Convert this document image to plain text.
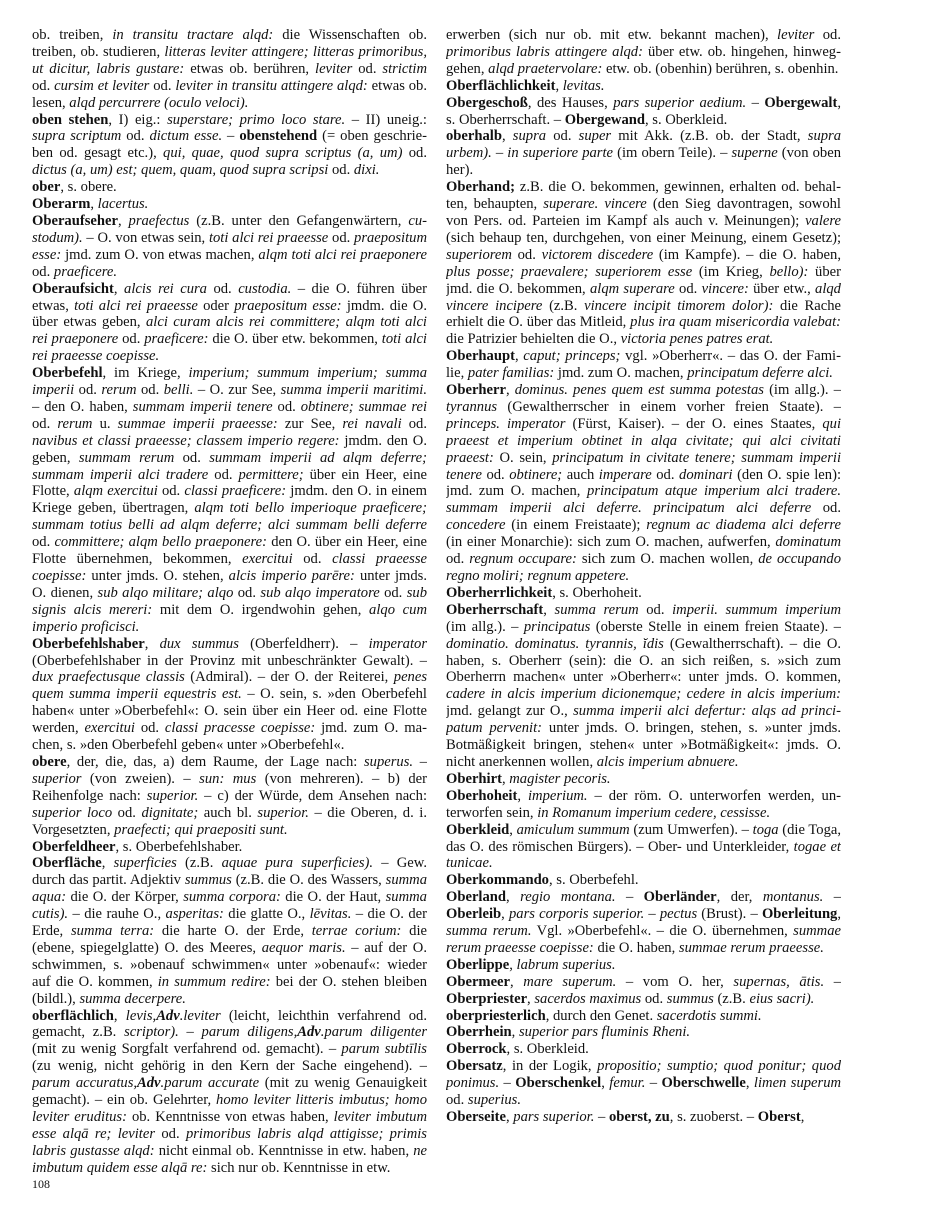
ob. treiben, in transitu tractare alqd: die Wissenschaften ob. treiben, ob. studieren, litteras leviter attingere; litteras primoribus, ut dicitur, labris gustare: etwas ob. berühren, leviter od. strictim od. cursim et leviter od. leviter in transitu attingere alqd: etwas ob. lesen, alqd percurrere (oculo veloci).

oben stehen, I) eig.: superstare; primo loco stare. – II) uneig.: supra scriptum od. dictum esse. – obenstehend (= oben geschrieben od. gesagt etc.), qui, quae, quod supra scriptus (a, um) od. dictus (a, um) est; quem, quam, quod supra scripsi od. dixi.

ober, s. obere.

Oberarm, lacertus.

Oberaufseher, praefectus (z.B. unter den Gefangenwärtern, custodum). – O. von etwas sein, toti alci rei praeesse od. praepositum esse: jmd. zum O. von etwas machen, alqm toti alci rei praeponere od. praeficere.

Oberaufsicht, alcis rei cura od. custodia. – die O. führen über etwas, toti alci rei praeesse oder praepositum esse: jmdm. die O. über etwas geben, alci curam alcis rei committere; alqm toti alci rei praeponere od. praeficere: die O. über etw. bekommen, toti alci rei praeesse coepisse.

Oberbefehl, im Kriege, imperium; summum imperium; summa imperii od. rerum od. belli. – O. zur See, summa imperii maritimi. – den O. haben, summam imperii tenere od. obtinere; summae rei od. rerum u. summae imperii praeesse: zur See, rei navali od. navibus et classi praeesse; classem imperio regere: jmdm. den O. geben, summam rerum od. summam imperii ad alqm deferre; summam imperii alci tradere od. permittere; über ein Heer, eine Flotte, alqm exercitui od. classi praeficere: jmdm. den O. in einem Kriege geben, übertragen, alqm toti bello imperioque praeficere; summam totius belli ad alqm deferre; alci summam belli deferre od. committere; alqm bello praeponere: den O. über ein Heer, eine Flotte übernehmen, bekommen, exercitui od. classi praeesse coepisse: unter jmds. O. stehen, alcis imperio parēre: unter jmds. O. dienen, sub alqo militare; alqo od. sub alqo imperatore od. sub signis alcis mereri: mit dem O. irgendwohin gehen, alqo cum imperio proficisci.

Oberbefehlshaber, dux summus (Oberfeldherr). – imperator (Oberbefehlshaber in der Provinz mit unbeschränkter Gewalt). – dux praefectusque classis (Admiral). – der O. der Reiterei, penes quem summa imperii equestris est. – O. sein, s. »den Oberbefehl haben« unter »Oberbefehl«: O. sein über ein Heer od. eine Flotte werden, exercitui od. classi pracesse coepisse: jmd. zum O. machen, s. »den Oberbefehl geben« unter »Oberbefehl«.

obere, der, die, das, a) dem Raume, der Lage nach: superus. – superior (von zweien). – sun: mus (von mehreren). – b) der Reihenfolge nach: superior. – c) der Würde, dem Ansehen nach: superior loco od. dignitate; auch bl. superior. – die Oberen, d. i. Vorgesetzten, praefecti; qui praepositi sunt.

Oberfeldheer, s. Oberbefehlshaber.

Oberfläche, superficies (z.B. aquae pura superficies). – Gew. durch das partit. Adjektiv summus (z.B. die O. des Wassers, summa aqua: die O. der Körper, summa corpora: die O. der Haut, summa cutis). – die rauhe O., asperitas: die glatte O., lēvitas. – die O. der Erde, summa terra: die harte O. der Erde, terrae corium: die (ebene, spiegelglatte) O. des Meeres, aequor maris. – auf der O. schwimmen, s. »obenauf schwimmen« unter »obenauf«: wieder auf die O. kommen, in summum redire: bei der O. stehen bleiben (bildl.), summa decerpere.

oberflächlich, levis,Adv.leviter (leicht, leichthin verfahrend od. gemacht, z.B. scriptor). – parum diligens,Adv.parum diligenter (mit zu wenig Sorgfalt verfahrend od. gemacht). – parum subtīlis (zu wenig, nicht gehörig in den Kern der Sache eingehend). – parum accuratus,Adv.parum accurate (mit zu wenig Genauigkeit gemacht). – ein ob. Gelehrter, homo leviter litteris imbutus; homo leviter eruditus: ob. Kenntnisse von etwas haben, leviter imbutum esse alqā re; leviter od. primoribus labris alqd attigisse; primis labris gustasse alqd: nicht einmal ob. Kenntnisse in etw. haben, ne imbutum quidem esse alqā re: sich nur ob. Kenntnisse in etw.

erwerben (sich nur ob. mit etw. bekannt machen), leviter od. primoribus labris attingere alqd: über etw. ob. hingehen, hinweggehen, alqd praetervolare: etw. ob. (obenhin) berühren, s. obenhin.

Oberflächlichkeit, levitas.

Obergeschoß, des Hauses, pars superior aedium. – Obergewalt, s. Oberherrschaft. – Obergewand, s. Oberkleid.

oberhalb, supra od. super mit Akk. (z.B. ob. der Stadt, supra urbem). – in superiore parte (im obern Teile). – superne (von oben her).

Oberhand; z.B. die O. bekommen, gewinnen, erhalten od. behalten, behaupten, superare. vincere (den Sieg davontragen, sowohl von Pers. od. Parteien im Kampf als auch v. Meinungen); valere (sich behaup ten, durchgehen, von einer Meinung, einem Gesetz); superiorem od. victorem discedere (im Kampfe). – die O. haben, plus posse; praevalere; superiorem esse (im Krieg, bello): über jmd. die O. bekommen, alqm superare od. vincere: über etw., alqd vincere incipere (z.B. vincere incipit timorem dolor): die Rache erhielt die O. über das Mitleid, plus ira quam misericordia valebat: die Patrizier behielten die O., victoria penes patres erat.

Oberhaupt, caput; princeps; vgl. »Oberherr«. – das O. der Familie, pater familias: jmd. zum O. machen, principatum deferre alci.

Oberherr, dominus. penes quem est summa potestas (im allg.). – tyrannus (Gewaltherrscher in einem vorher freien Staate). – princeps. imperator (Fürst, Kaiser). – der O. eines Staates, qui praeest et imperium obtinet in alqa civitate; qui alci civitati praeest: O. sein, principatum in civitate tenere; summam imperii tenere od. obtinere; auch imperare od. dominari (den O. spie len): jmd. zum O. machen, principatum atque imperium alci tradere. summam imperii alci deferre. principatum alci deferre od. concedere (in einem Freistaate); regnum ac diadema alci deferre (in einer Monarchie): sich zum O. machen, aufwerfen, dominatum od. regnum occupare: sich zum O. machen wollen, de occupando regno moliri; regnum appetere.

Oberherrlichkeit, s. Oberhoheit.

Oberherrschaft, summa rerum od. imperii. summum imperium (im allg.). – principatus (oberste Stelle in einem freien Staate). – dominatio. dominatus. tyrannis, ĭdis (Gewaltherrschaft). – die O. haben, s. Oberherr (sein): die O. an sich reißen, s. »sich zum Oberherrn machen« unter »Oberherr«: unter jmds. O. kommen, cadere in alcis imperium dicionemque; cedere in alcis imperium: jmd. gelangt zur O., summa imperii alci defertur: alqs ad principatum pervenit: unter jmds. O. bringen, stehen, s. »unter jmds. Botmäßigkeit bringen, stehen« unter »Botmäßigkeit«: jmds. O. nicht anerkennen wollen, alcis imperium abnuere.

Oberhirt, magister pecoris.

Oberhoheit, imperium. – der röm. O. unterworfen werden, unterworfen sein, in Romanum imperium cedere, cessisse.

Oberkleid, amiculum summum (zum Umwerfen). – toga (die Toga, das O. des römischen Bürgers). – Ober- und Unterkleider, togae et tunicae.

Oberkommando, s. Oberbefehl.

Oberland, regio montana. – Oberländer, der, montanus. – Oberleib, pars corporis superior. – pectus (Brust). – Oberleitung, summa rerum. Vgl. »Oberbefehl«. – die O. übernehmen, summae rerum praeesse coepisse: die O. haben, summae rerum praeesse.

Oberlippe, labrum superius.

Obermeer, mare superum. – vom O. her, supernas, ātis. – Oberpriester, sacerdos maximus od. summus (z.B. eius sacri).

oberpriesterlich, durch den Genet. sacerdotis summi.

Oberrhein, superior pars fluminis Rheni.

Oberrock, s. Oberkleid.

Obersatz, in der Logik, propositio; sumptio; quod ponitur; quod ponimus. – Oberschenkel, femur. – Oberschwelle, limen superum od. superius.

Oberseite, pars superior. – oberst, zu, s. zuoberst. – Oberst,

108
